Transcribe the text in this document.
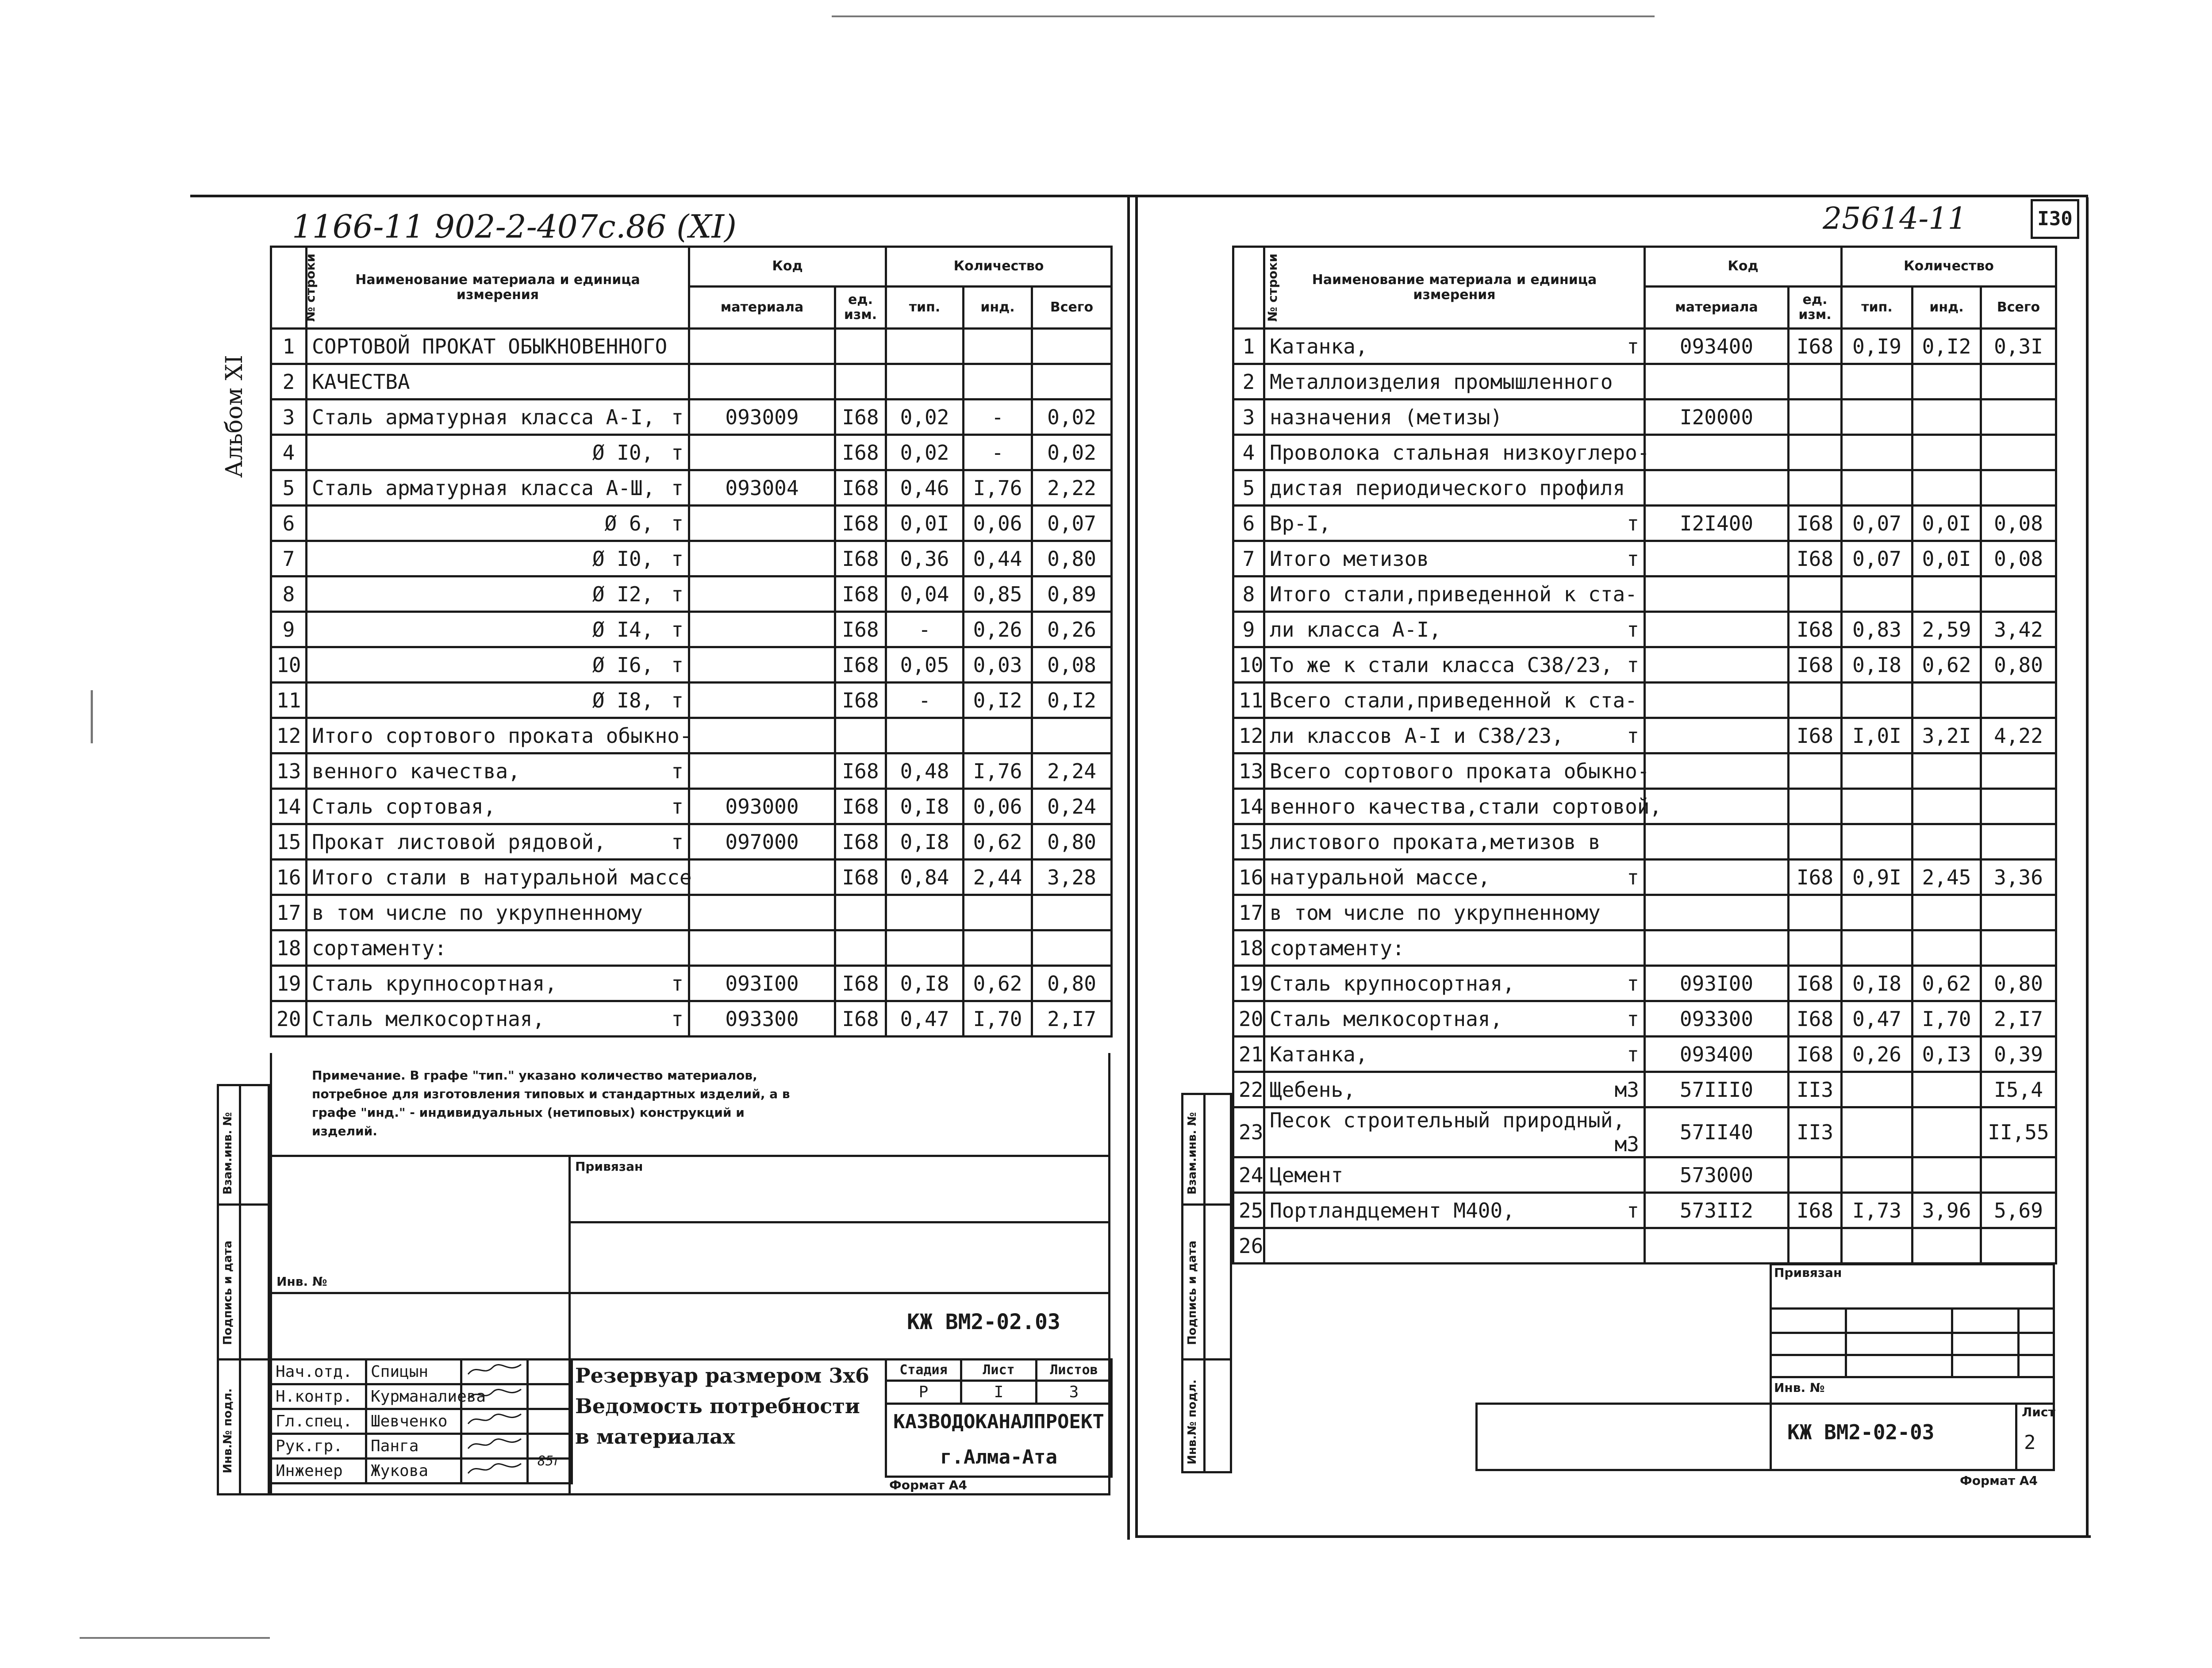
1166-11 902-2-407c.86 (XI)
Альбом XI
№ строки	Наименование материала и единица измерения	Код		Количество		
		материала	ед. изм.	тип.	инд.	Всего
1	СОРТОВОЙ ПРОКАТ ОБЫКНОВЕННОГО

2	КАЧЕСТВА

3	Сталь арматурная класса А-I, т	093009	I68	0,02	-	0,02
4	Ø I0, т		I68	0,02	-	0,02
5	Сталь арматурная класса А-Ш, т	093004	I68	0,46	I,76	2,22
6	Ø 6, т		I68	0,0I	0,06	0,07
7	Ø I0, т		I68	0,36	0,44	0,80
8	Ø I2, т		I68	0,04	0,85	0,89
9	Ø I4, т		I68	-	0,26	0,26
10	Ø I6, т		I68	0,05	0,03	0,08
11	Ø I8, т		I68	-	0,I2	0,I2
12	Итого сортового проката обыкно-

13	венного качества, т		I68	0,48	I,76	2,24
14	Сталь сортовая, т	093000	I68	0,I8	0,06	0,24
15	Прокат листовой рядовой, т	097000	I68	0,I8	0,62	0,80
16	Итого стали в натуральной массе		I68	0,84	2,44	3,28
17	в том числе по укрупненному

18	сортаменту:

19	Сталь крупносортная, т	093I00	I68	0,I8	0,62	0,80
20	Сталь мелкосортная, т	093300	I68	0,47	I,70	2,I7
Примечание. В графе "тип." указано количество материалов, потребное для изготовления типовых и стандартных изделий, а в графе "инд." - индивидуальных (нетиповых) конструкций и изделий.
Привязан
Инв. №
КЖ ВМ2-02.03
Нач.отд.	Спицын		
Н.контр.	Курманалиева		
Гл.спец.	Шевченко		
Рук.гр.	Панга		
Инженер	Жукова		
85г
Резервуар размером 3х6 Ведомость потребности в материалах
Стадия	Лист	Листов
Р	I	3
КАЗВОДОКАНАЛПРОЕКТ		
г.Алма-Ата		
Формат А4
Инв.№ подл.
Подпись и дата
Взам.инв. №
25614-11	I30
№ строки	Наименование материала и единица измерения	Код		Количество		
		материала	ед. изм.	тип.	инд.	Всего
1	Катанка, т	093400	I68	0,I9	0,I2	0,3I
2	Металлоизделия промышленного

3	назначения (метизы)	I20000				
4	Проволока стальная низкоуглеро-

5	дистая периодического профиля

6	Вр-I, т	I2I400	I68	0,07	0,0I	0,08
7	Итого метизов т		I68	0,07	0,0I	0,08
8	Итого стали,приведенной к ста-

9	ли класса А-I, т		I68	0,83	2,59	3,42
10	То же к стали класса С38/23, т		I68	0,I8	0,62	0,80
11	Всего стали,приведенной к ста-

12	ли классов А-I и С38/23, т		I68	I,0I	3,2I	4,22
13	Всего сортового проката обыкно-

14	венного качества,стали сортовой,

15	листового проката,метизов в

16	натуральной массе, т		I68	0,9I	2,45	3,36
17	в том числе по укрупненному

18	сортаменту:

19	Сталь крупносортная, т	093I00	I68	0,I8	0,62	0,80
20	Сталь мелкосортная, т	093300	I68	0,47	I,70	2,I7
21	Катанка, т	093400	I68	0,26	0,I3	0,39
22	Щебень, м3	57III0	II3			I5,4
23	Песок строительный природный,
м3	57II40	II3			II,55
24	Цемент	573000				
25	Портландцемент М400, т	573II2	I68	I,73	3,96	5,69
26	

Привязан
Инв. №
КЖ ВМ2-02-03
Лист
2
Формат А4
Инв.№ подл.
Подпись и дата
Взам.инв. №
